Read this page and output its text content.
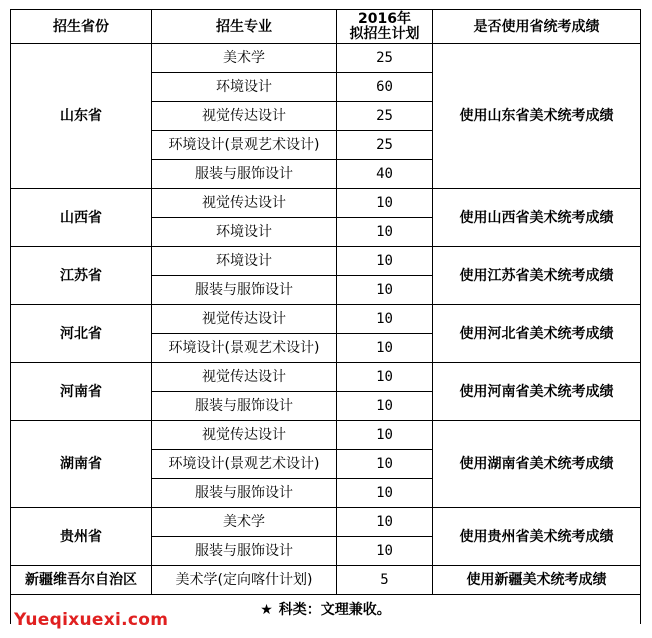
招生省份	招生专业	2016年
拟招生计划	是否使用省统考成绩
山东省	美术学	25	使用山东省美术统考成绩
	环境设计	60	
	视觉传达设计	25	
	环境设计(景观艺术设计)	25	
	服装与服饰设计	40	
山西省	视觉传达设计	10	使用山西省美术统考成绩
	环境设计	10	
江苏省	环境设计	10	使用江苏省美术统考成绩
	服装与服饰设计	10	
河北省	视觉传达设计	10	使用河北省美术统考成绩
	环境设计(景观艺术设计)	10	
河南省	视觉传达设计	10	使用河南省美术统考成绩
	服装与服饰设计	10	
湖南省	视觉传达设计	10	使用湖南省美术统考成绩
	环境设计(景观艺术设计)	10	
	服装与服饰设计	10	
贵州省	美术学	10	使用贵州省美术统考成绩
	服装与服饰设计	10	
新疆维吾尔自治区	美术学(定向喀什计划)	5	使用新疆美术统考成绩
★ 科类：文理兼收。			
Yueqixuexi.com
